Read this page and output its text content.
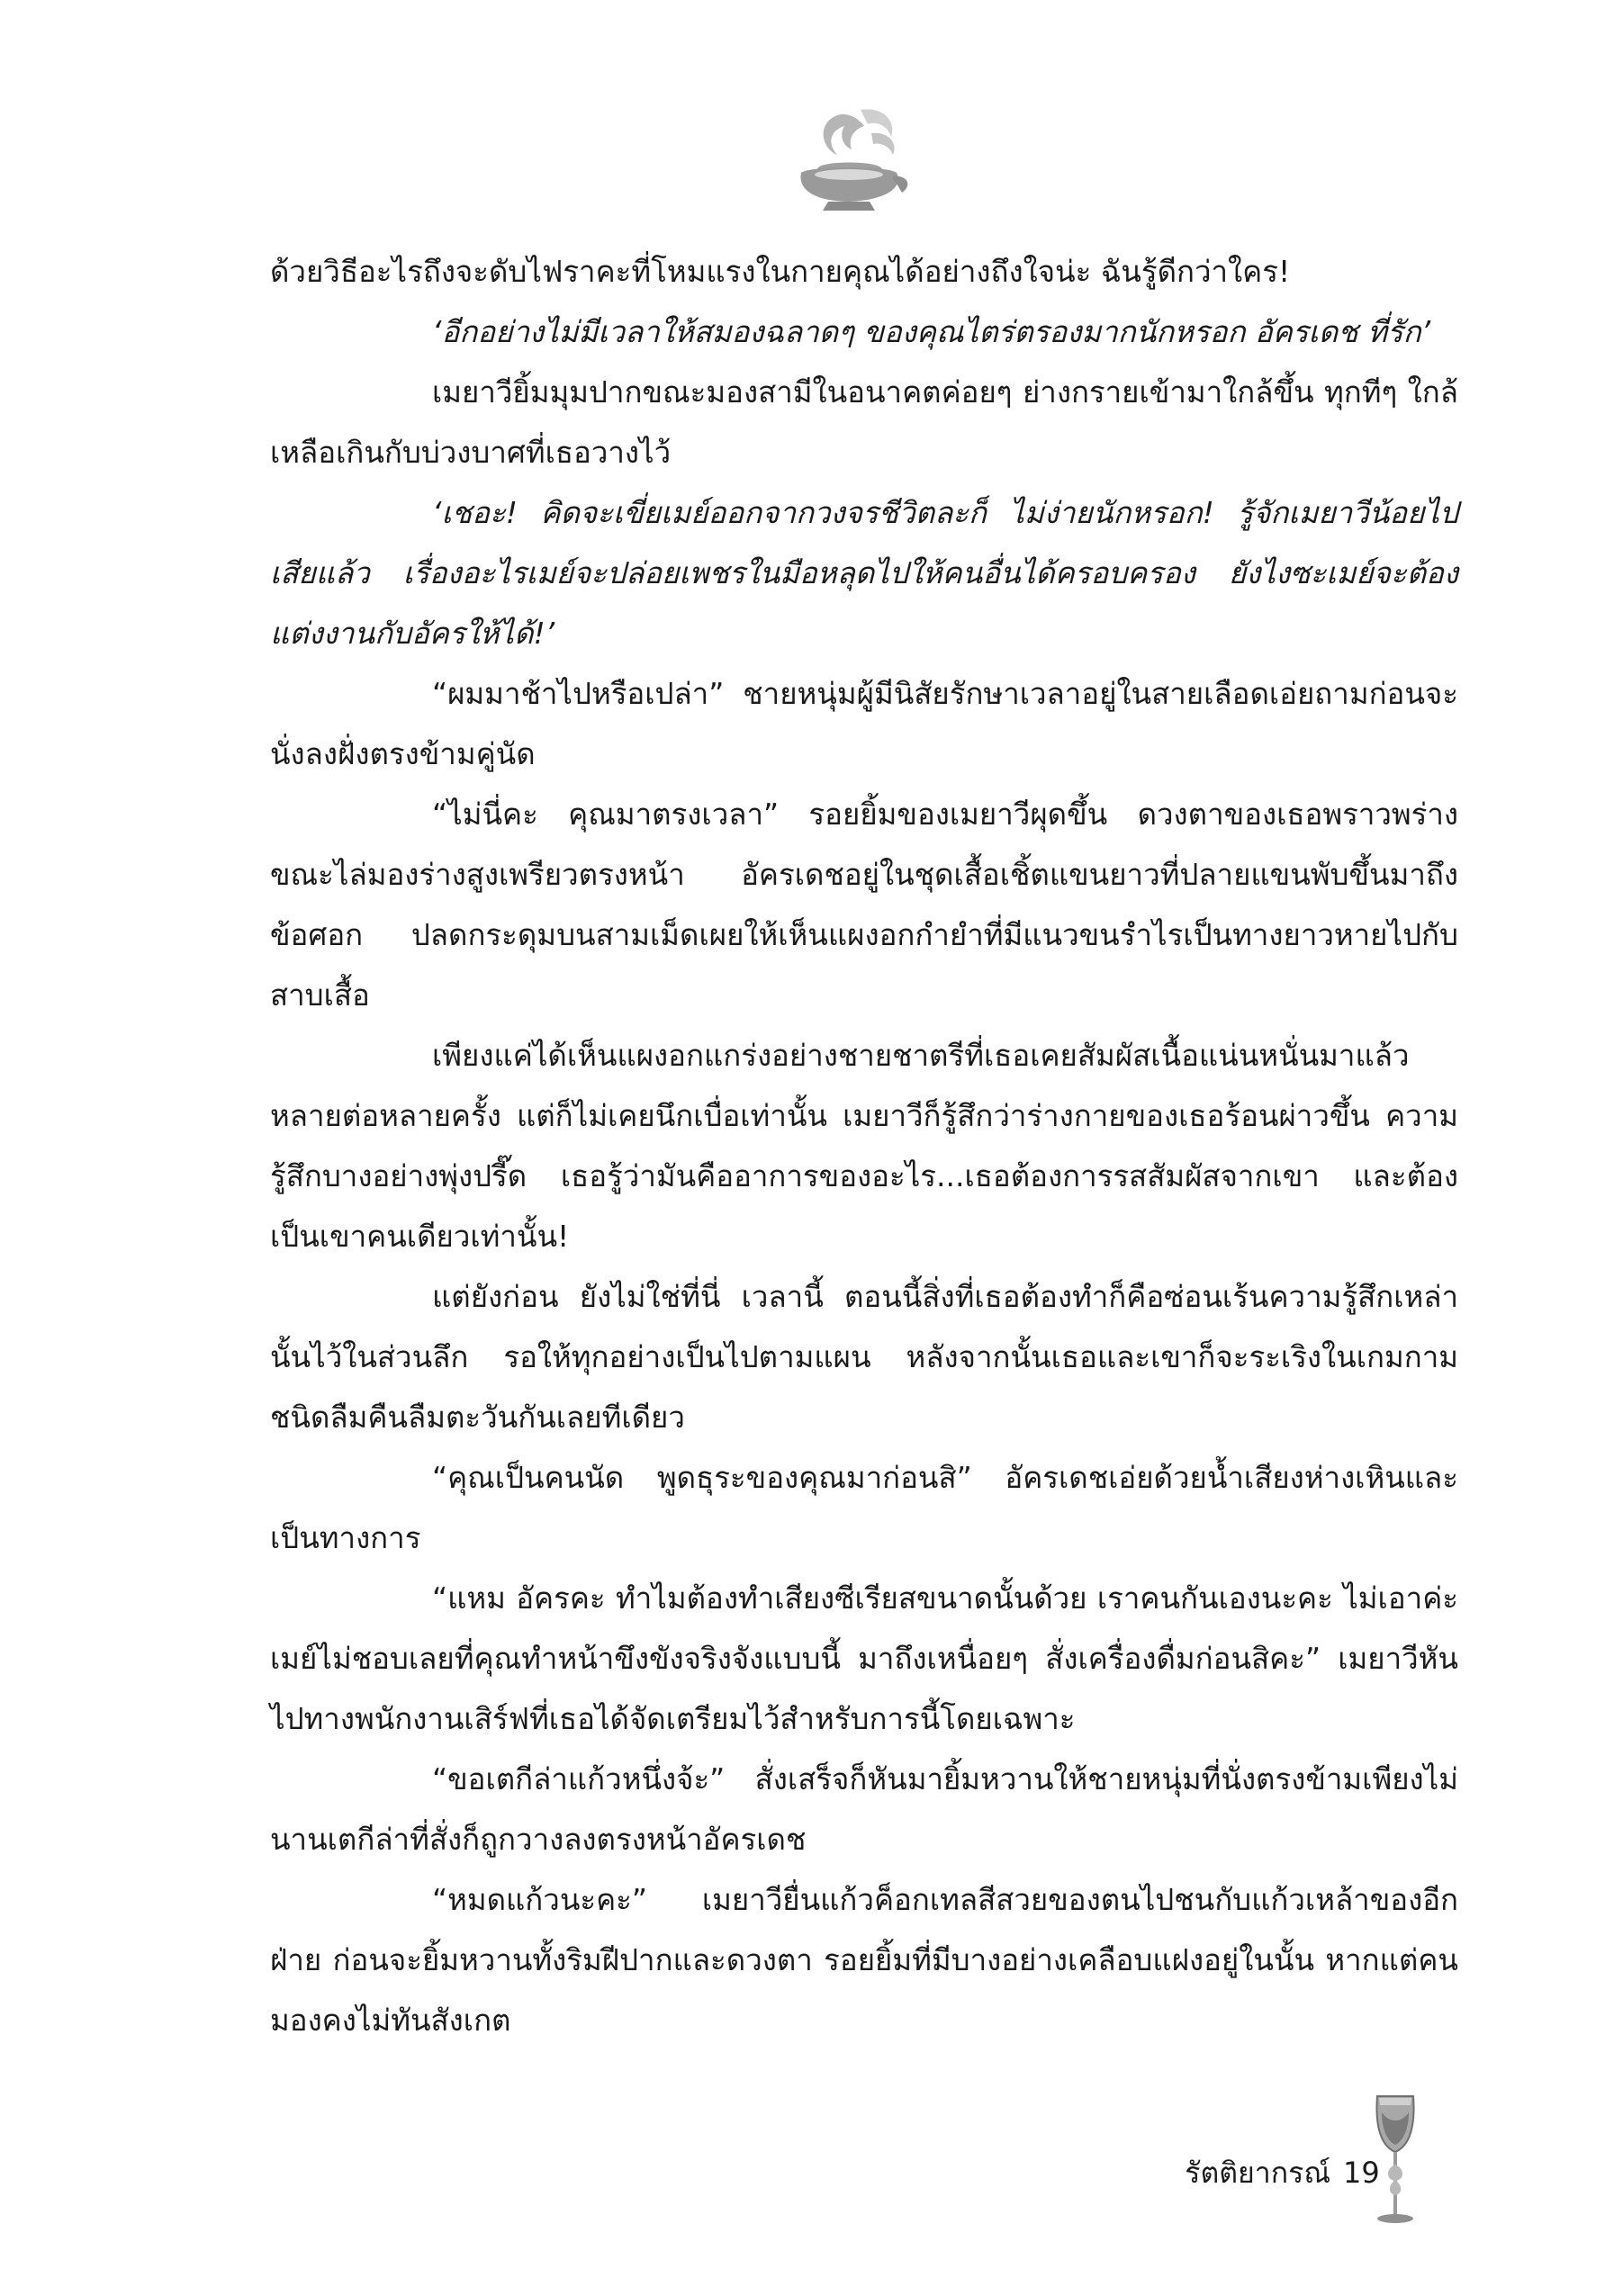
ด้วยวิธีอะไรถึงจะดับไฟราคะที่โหมแรงในกายคุณได้อย่างถึงใจน่ะ ฉันรู้ดีกว่าใคร!

‘อีกอย่างไม่มีเวลาให้สมองฉลาดๆ ของคุณไตร่ตรองมากนักหรอก อัครเดช ที่รัก’

เมยาวียิ้มมุมปากขณะมองสามีในอนาคตค่อยๆ ย่างกรายเข้ามาใกล้ขึ้น ทุกทีๆ ใกล้เหลือเกินกับบ่วงบาศที่เธอวางไว้

‘เชอะ! คิดจะเขี่ยเมย์ออกจากวงจรชีวิตละก็ ไม่ง่ายนักหรอก! รู้จักเมยาวีน้อยไปเสียแล้ว เรื่องอะไรเมย์จะปล่อยเพชรในมือหลุดไปให้คนอื่นได้ครอบครอง ยังไงซะเมย์จะต้องแต่งงานกับอัครให้ได้!’

“ผมมาช้าไปหรือเปล่า” ชายหนุ่มผู้มีนิสัยรักษาเวลาอยู่ในสายเลือดเอ่ยถามก่อนจะนั่งลงฝั่งตรงข้ามคู่นัด

“ไม่นี่คะ คุณมาตรงเวลา” รอยยิ้มของเมยาวีผุดขึ้น ดวงตาของเธอพราวพร่างขณะไล่มองร่างสูงเพรียวตรงหน้า อัครเดชอยู่ในชุดเสื้อเชิ้ตแขนยาวที่ปลายแขนพับขึ้นมาถึงข้อศอก ปลดกระดุมบนสามเม็ดเผยให้เห็นแผงอกกำยำที่มีแนวขนรำไรเป็นทางยาวหายไปกับสาบเสื้อ

เพียงแค่ได้เห็นแผงอกแกร่งอย่างชายชาตรีที่เธอเคยสัมผัสเนื้อแน่นหนั่นมาแล้วหลายต่อหลายครั้ง แต่ก็ไม่เคยนึกเบื่อเท่านั้น เมยาวีก็รู้สึกว่าร่างกายของเธอร้อนผ่าวขึ้น ความรู้สึกบางอย่างพุ่งปรี๊ด เธอรู้ว่ามันคืออาการของอะไร...เธอต้องการรสสัมผัสจากเขา และต้องเป็นเขาคนเดียวเท่านั้น!

แต่ยังก่อน ยังไม่ใช่ที่นี่ เวลานี้ ตอนนี้สิ่งที่เธอต้องทำก็คือซ่อนเร้นความรู้สึกเหล่านั้นไว้ในส่วนลึก รอให้ทุกอย่างเป็นไปตามแผน หลังจากนั้นเธอและเขาก็จะระเริงในเกมกามชนิดลืมคืนลืมตะวันกันเลยทีเดียว

“คุณเป็นคนนัด พูดธุระของคุณมาก่อนสิ” อัครเดชเอ่ยด้วยน้ำเสียงห่างเหินและเป็นทางการ

“แหม อัครคะ ทำไมต้องทำเสียงซีเรียสขนาดนั้นด้วย เราคนกันเองนะคะ ไม่เอาค่ะ เมย์ไม่ชอบเลยที่คุณทำหน้าขึงขังจริงจังแบบนี้ มาถึงเหนื่อยๆ สั่งเครื่องดื่มก่อนสิคะ” เมยาวีหันไปทางพนักงานเสิร์ฟที่เธอได้จัดเตรียมไว้สำหรับการนี้โดยเฉพาะ

“ขอเตกีล่าแก้วหนึ่งจ้ะ” สั่งเสร็จก็หันมายิ้มหวานให้ชายหนุ่มที่นั่งตรงข้ามเพียงไม่นานเตกีล่าที่สั่งก็ถูกวางลงตรงหน้าอัครเดช

“หมดแก้วนะคะ” เมยาวียื่นแก้วค็อกเทลสีสวยของตนไปชนกับแก้วเหล้าของอีกฝ่าย ก่อนจะยิ้มหวานทั้งริมฝีปากและดวงตา รอยยิ้มที่มีบางอย่างเคลือบแฝงอยู่ในนั้น หากแต่คนมองคงไม่ทันสังเกต

รัตติยากรณ์ 19
